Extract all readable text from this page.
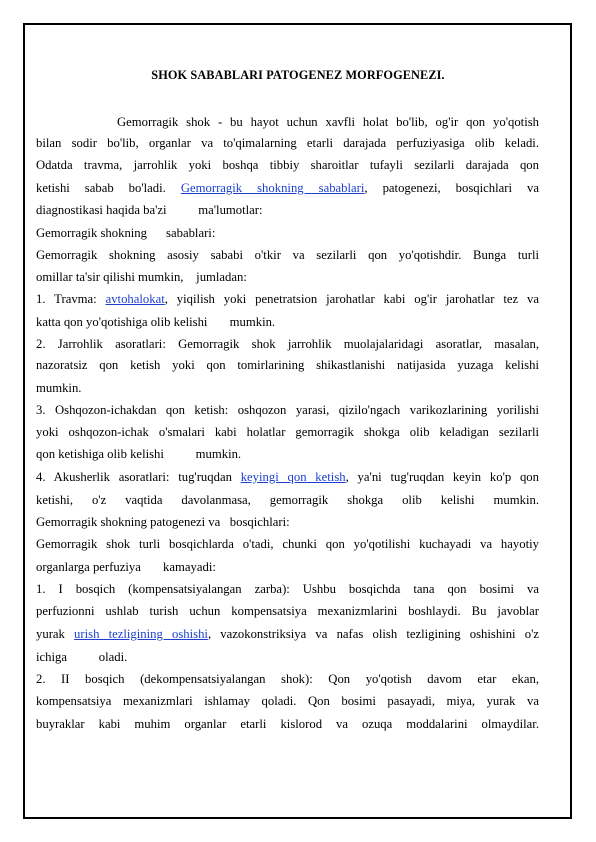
SHOK SABABLARI PATOGENEZ MORFOGENEZI.
Gemorragik shok - bu hayot uchun xavfli holat bo'lib, og'ir qon yo'qotish
bilan sodir bo'lib, organlar va to'qimalarning etarli darajada perfuziyasiga olib keladi.
Odatda travma, jarrohlik yoki boshqa tibbiy sharoitlar tufayli sezilarli darajada qon
ketishi sabab bo'ladi. Gemorragik shokning sabablari, patogenezi, bosqichlari va
diagnostikasi haqida ba'zi          ma'lumotlar:
Gemorragik shokning      sabablari:
Gemorragik shokning asosiy sababi o'tkir va sezilarli qon yo'qotishdir. Bunga turli
omillar ta'sir qilishi mumkin,    jumladan:
1. Travma: avtohalokat, yiqilish yoki penetratsion jarohatlar kabi og'ir jarohatlar tez va
katta qon yo'qotishiga olib kelishi       mumkin.
2. Jarrohlik asoratlari: Gemorragik shok jarrohlik muolajalaridagi asoratlar, masalan,
nazoratsiz qon ketish yoki qon tomirlarining shikastlanishi natijasida yuzaga kelishi
mumkin.
3. Oshqozon-ichakdan qon ketish: oshqozon yarasi, qizilo'ngach varikozlarining yorilishi
yoki oshqozon-ichak o'smalari kabi holatlar gemorragik shokga olib keladigan sezilarli
qon ketishiga olib kelishi          mumkin.
4. Akusherlik asoratlari: tug'ruqdan keyingi qon ketish, ya'ni tug'ruqdan keyin ko'p qon
ketishi, o'z vaqtida davolanmasa, gemorragik shokga olib kelishi mumkin.
Gemorragik shokning patogenezi va   bosqichlari:
Gemorragik shok turli bosqichlarda o'tadi, chunki qon yo'qotilishi kuchayadi va hayotiy
organlarga perfuziya       kamayadi:
1. I bosqich (kompensatsiyalangan zarba): Ushbu bosqichda tana qon bosimi va
perfuzionni ushlab turish uchun kompensatsiya mexanizmlarini boshlaydi. Bu javoblar
yurak urish tezligining oshishi, vazokonstriksiya va nafas olish tezligining oshishini o'z
ichiga          oladi.
2. II bosqich (dekompensatsiyalangan shok): Qon yo'qotish davom etar ekan,
kompensatsiya mexanizmlari ishlamay qoladi. Qon bosimi pasayadi, miya, yurak va
buyraklar kabi muhim organlar etarli kislorod va ozuqa moddalarini olmaydilar.
